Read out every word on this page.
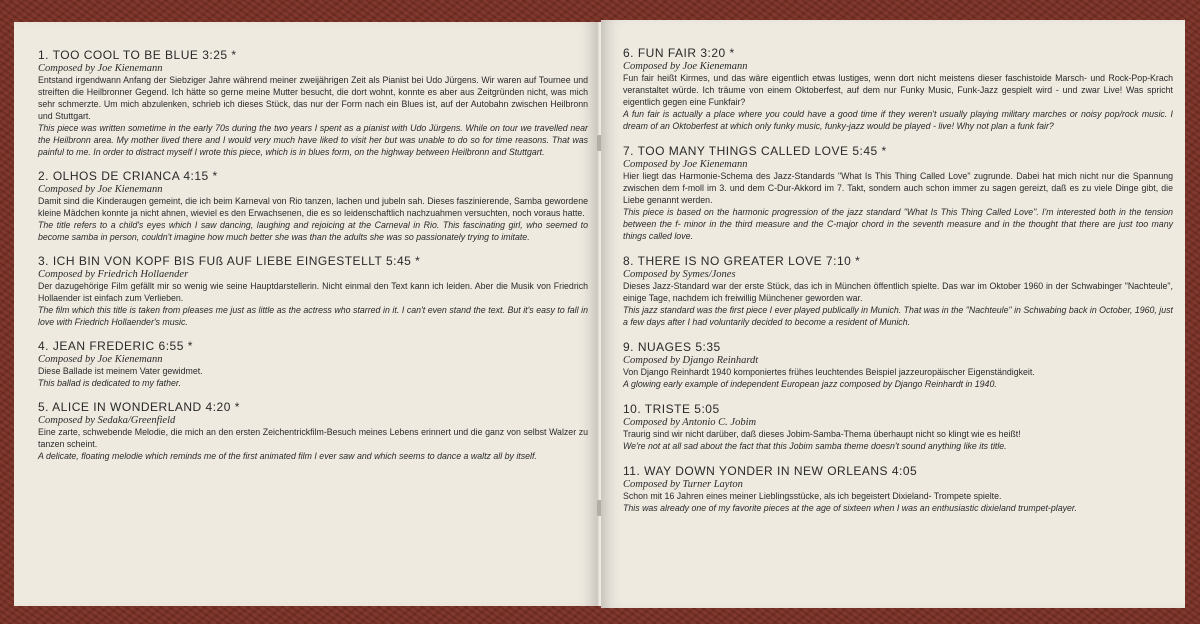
1. TOO COOL TO BE BLUE 3:25 *
Composed by Joe Kienemann
Entstand irgendwann Anfang der Siebziger Jahre während meiner zweijährigen Zeit als Pianist bei Udo Jürgens. Wir waren auf Tournee und streiften die Heilbronner Gegend. Ich hätte so gerne meine Mutter besucht, die dort wohnt, konnte es aber aus Zeitgründen nicht, was mich sehr schmerzte. Um mich abzulenken, schrieb ich dieses Stück, das nur der Form nach ein Blues ist, auf der Autobahn zwischen Heilbronn und Stuttgart.
This piece was written sometime in the early 70s during the two years I spent as a pianist with Udo Jürgens. While on tour we travelled near the Heilbronn area. My mother lived there and I would very much have liked to visit her but was unable to do so for time reasons. That was painful to me. In order to distract myself I wrote this piece, which is in blues form, on the highway between Heilbronn and Stuttgart.
2. OLHOS DE CRIANCA 4:15 *
Composed by Joe Kienemann
Damit sind die Kinderaugen gemeint, die ich beim Karneval von Rio tanzen, lachen und jubeln sah. Dieses faszinierende, Samba gewordene kleine Mädchen konnte ja nicht ahnen, wieviel es den Erwachsenen, die es so leidenschaftlich nachzuahmen versuchten, noch voraus hatte.
The title refers to a child's eyes which I saw dancing, laughing and rejoicing at the Carneval in Rio. This fascinating girl, who seemed to become samba in person, couldn't imagine how much better she was than the adults she was so passionately trying to imitate.
3. ICH BIN VON KOPF BIS FUß AUF LIEBE EINGESTELLT 5:45 *
Composed by Friedrich Hollaender
Der dazugehörige Film gefällt mir so wenig wie seine Hauptdarstellerin. Nicht einmal den Text kann ich leiden. Aber die Musik von Friedrich Hollaender ist einfach zum Verlieben.
The film which this title is taken from pleases me just as little as the actress who starred in it. I can't even stand the text. But it's easy to fall in love with Friedrich Hollaender's music.
4. JEAN FREDERIC 6:55 *
Composed by Joe Kienemann
Diese Ballade ist meinem Vater gewidmet.
This ballad is dedicated to my father.
5. ALICE IN WONDERLAND 4:20 *
Composed by Sedaka/Greenfield
Eine zarte, schwebende Melodie, die mich an den ersten Zeichentrickfilm-Besuch meines Lebens erinnert und die ganz von selbst Walzer zu tanzen scheint.
A delicate, floating melodie which reminds me of the first animated film I ever saw and which seems to dance a waltz all by itself.
6. FUN FAIR 3:20 *
Composed by Joe Kienemann
Fun fair heißt Kirmes, und das wäre eigentlich etwas lustiges, wenn dort nicht meistens dieser faschistoide Marsch- und Rock-Pop-Krach veranstaltet würde. Ich träume von einem Oktoberfest, auf dem nur Funky Music, Funk-Jazz gespielt wird - und zwar Live! Was spricht eigentlich gegen eine Funkfair?
A fun fair is actually a place where you could have a good time if they weren't usually playing military marches or noisy pop/rock music. I dream of an Oktoberfest at which only funky music, funky-jazz would be played - live! Why not plan a funk fair?
7. TOO MANY THINGS CALLED LOVE 5:45 *
Composed by Joe Kienemann
Hier liegt das Harmonie-Schema des Jazz-Standards "What Is This Thing Called Love" zugrunde. Dabei hat mich nicht nur die Spannung zwischen dem f-moll im 3. und dem C-Dur-Akkord im 7. Takt, sondern auch schon immer zu sagen gereizt, daß es zu viele Dinge gibt, die Liebe genannt werden.
This piece is based on the harmonic progression of the jazz standard "What Is This Thing Called Love". I'm interested both in the tension between the f- minor in the third measure and the C-major chord in the seventh measure and in the thought that there are just too many things called love.
8. THERE IS NO GREATER LOVE 7:10 *
Composed by Symes/Jones
Dieses Jazz-Standard war der erste Stück, das ich in München öffentlich spielte. Das war im Oktober 1960 in der Schwabinger "Nachteule", einige Tage, nachdem ich freiwillig Münchener geworden war.
This jazz standard was the first piece I ever played publically in Munich. That was in the "Nachteule" in Schwabing back in October, 1960, just a few days after I had voluntarily decided to become a resident of Munich.
9. NUAGES 5:35
Composed by Django Reinhardt
Von Django Reinhardt 1940 komponiertes frühes leuchtendes Beispiel jazzeuropäischer Eigenständigkeit.
A glowing early example of independent European jazz composed by Django Reinhardt in 1940.
10. TRISTE 5:05
Composed by Antonio C. Jobim
Traurig sind wir nicht darüber, daß dieses Jobim-Samba-Thema überhaupt nicht so klingt wie es heißt!
We're not at all sad about the fact that this Jobim samba theme doesn't sound anything like its title.
11. WAY DOWN YONDER IN NEW ORLEANS 4:05
Composed by Turner Layton
Schon mit 16 Jahren eines meiner Lieblingsstücke, als ich begeistert Dixieland- Trompete spielte.
This was already one of my favorite pieces at the age of sixteen when I was an enthusiastic dixieland trumpet-player.
